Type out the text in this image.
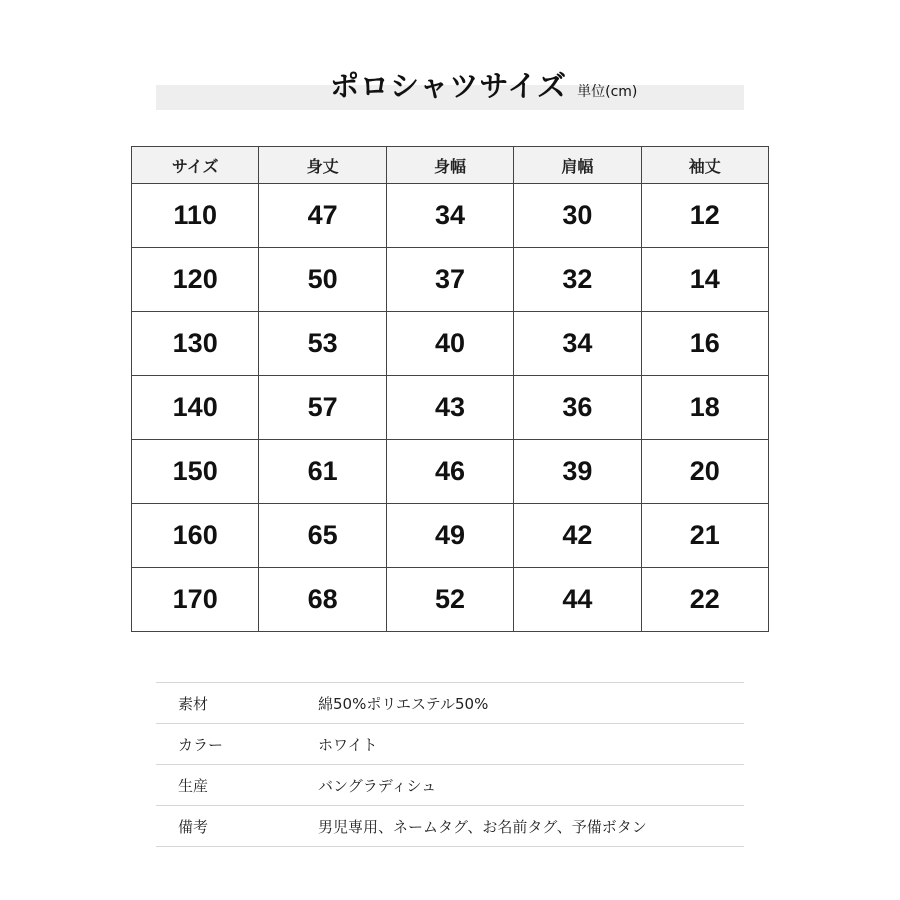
ポロシャツサイズ 単位(cm)
サイズ	身丈	身幅	肩幅	袖丈
110	47	34	30	12
120	50	37	32	14
130	53	40	34	16
140	57	43	36	18
150	61	46	39	20
160	65	49	42	21
170	68	52	44	22
素材	綿50%ポリエステル50%
カラー	ホワイト
生産	バングラディシュ
備考	男児専用、ネームタグ、お名前タグ、予備ボタン
